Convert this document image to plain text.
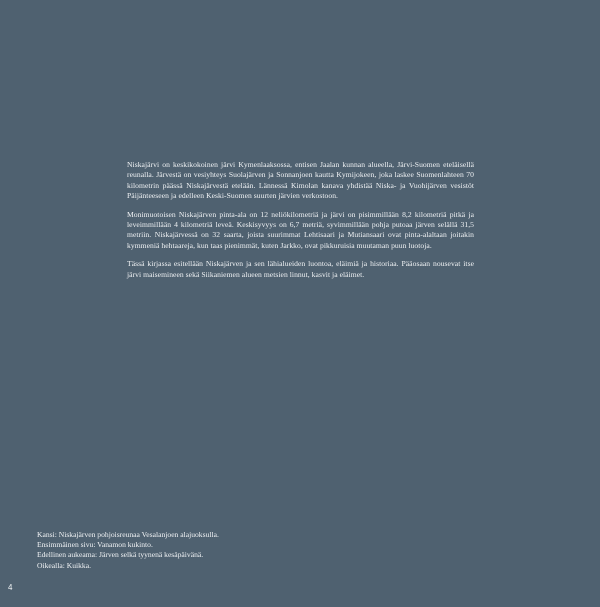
Niskajärvi on keskikokoinen järvi Kymenlaaksossa, entisen Jaalan kunnan alueella, Järvi-Suomen eteläisellä reunalla. Järvestä on vesiyhteys Suolajärven ja Sonnanjoen kautta Kymijokeen, joka laskee Suomenlahteen 70 kilometrin päässä Niskajärvestä etelään. Lännessä Kimolan kanava yhdistää Niska- ja Vuohijärven vesistöt Päijänteeseen ja edelleen Keski-Suomen suurten järvien verkostoon.

Monimuotoisen Niskajärven pinta-ala on 12 neliökilometriä ja järvi on pisimmillään 8,2 kilometriä pitkä ja leveimmillään 4 kilometriä leveä. Keskisyvyys on 6,7 metriä, syvimmillään pohja putoaa järven selällä 31,5 metriin. Niskajärvessä on 32 saarta, joista suurimmat Lehtisaari ja Mutiansaari ovat pinta-alaltaan joitakin kymmeniä hehtaareja, kun taas pienimmät, kuten Jarkko, ovat pikkuruisia muutaman puun luotoja.

Tässä kirjassa esitellään Niskajärven ja sen lähialueiden luontoa, eläimiä ja historiaa. Pääosaan nousevat itse järvi maisemineen sekä Siikaniemen alueen metsien linnut, kasvit ja eläimet.

Kansi: Niskajärven pohjoisreunaa Vesalanjoen alajuoksulla.
Ensimmäinen sivu: Vanamon kukinto.
Edellinen aukeama: Järven selkä tyynenä kesäpäivänä.
Oikealla: Kuikka.
4
